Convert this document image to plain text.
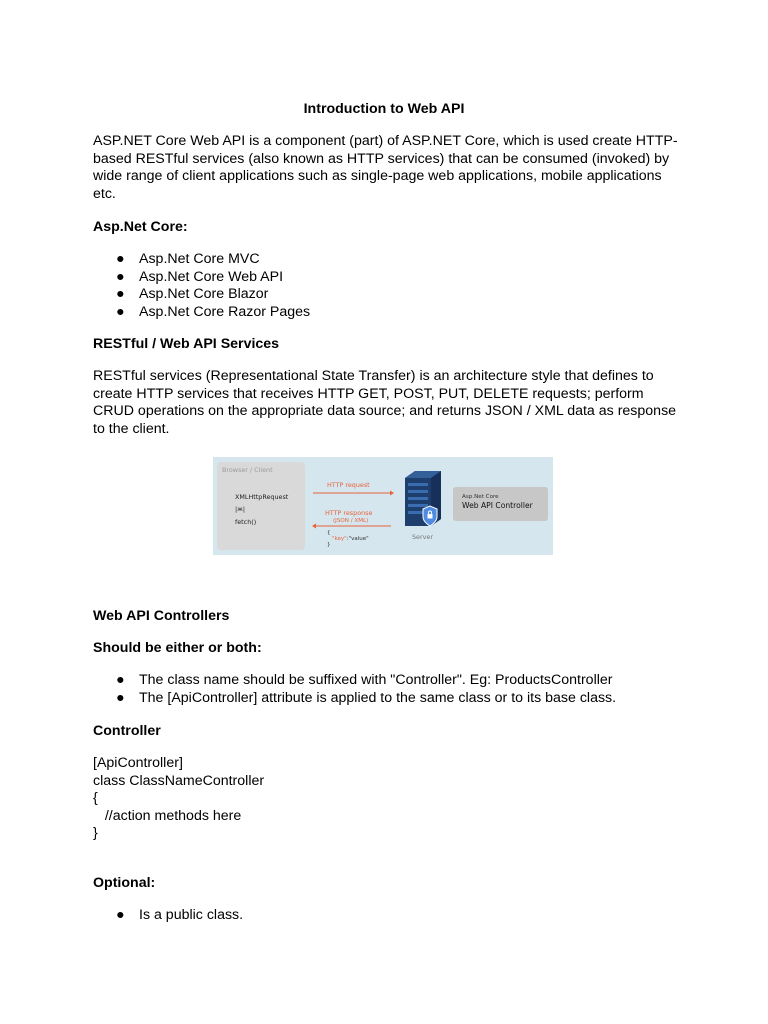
Introduction to Web API
ASP.NET Core Web API is a component (part) of ASP.NET Core, which is used create HTTP-based RESTful services (also known as HTTP services) that can be consumed (invoked) by wide range of client applications such as single-page web applications, mobile applications etc.
Asp.Net Core:
● Asp.Net Core MVC
● Asp.Net Core Web API
● Asp.Net Core Blazor
● Asp.Net Core Razor Pages
RESTful / Web API Services
RESTful services (Representational State Transfer) is an architecture style that defines to create HTTP services that receives HTTP GET, POST, PUT, DELETE requests; perform CRUD operations on the appropriate data source; and returns JSON / XML data as response to the client.
Browser / Client
XMLHttpRequest
|ж|
fetch()
HTTP request
HTTP response
(JSON / XML)
{
"key":"value"
}
Server
Asp.Net Core
Web API Controller
Web API Controllers
Should be either or both:
● The class name should be suffixed with "Controller". Eg: ProductsController
● The [ApiController] attribute is applied to the same class or to its base class.
Controller
[ApiController]
class ClassNameController
{
//action methods here
}
Optional:
● Is a public class.
